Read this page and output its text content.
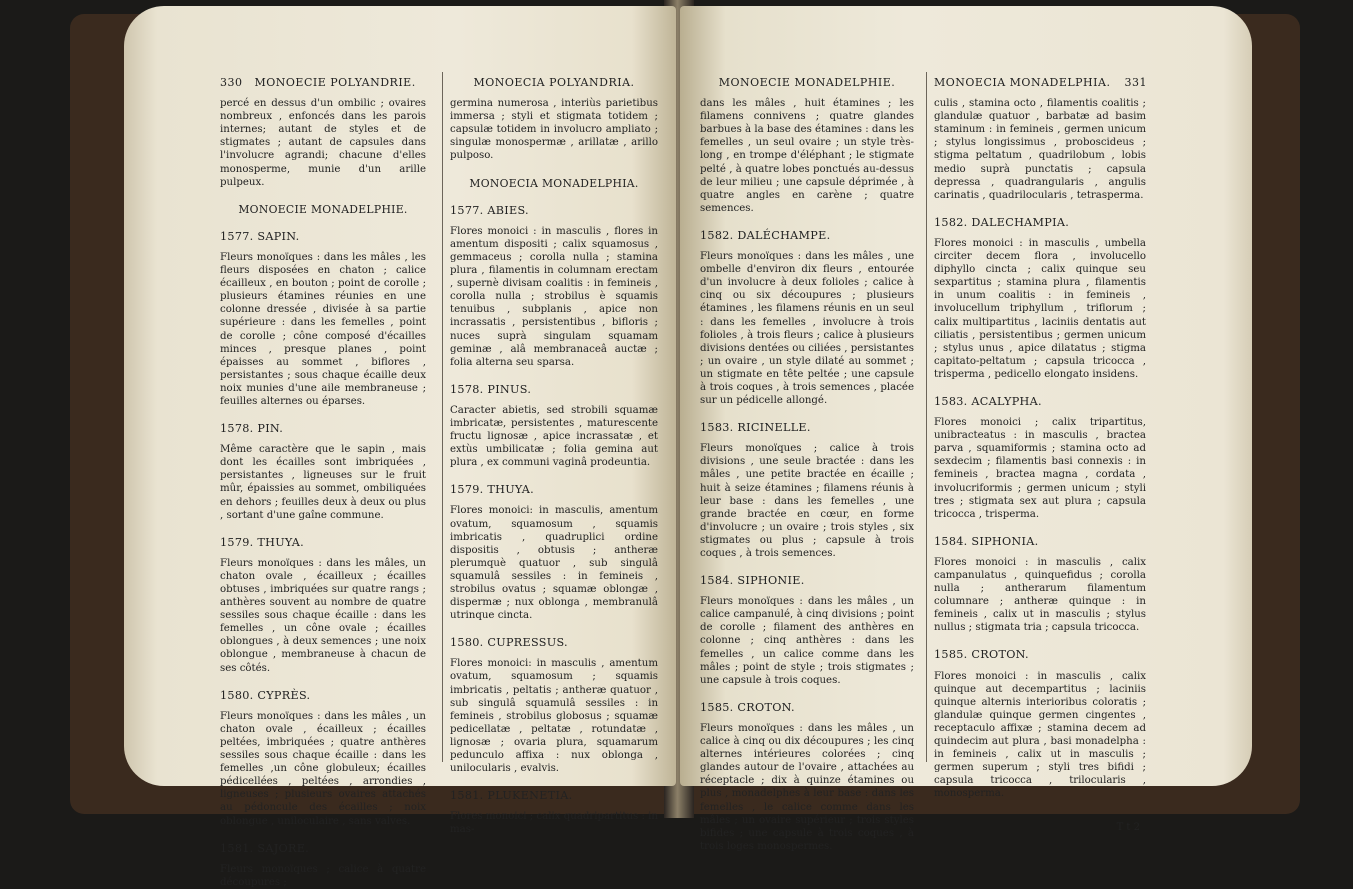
330 MONOECIE POLYANDRIE.

percé en dessus d'un ombilic ; ovaires nombreux , enfoncés dans les parois internes; autant de styles et de stigmates ; autant de capsules dans l'involucre agrandi; chacune d'elles monosperme, munie d'un arille pulpeux.

MONOECIE MONADELPHIE.
1577. SAPIN.

Fleurs monoïques : dans les mâles , les fleurs disposées en chaton ; calice écailleux , en bouton ; point de corolle ; plusieurs étamines réunies en une colonne dressée , divisée à sa partie supérieure : dans les femelles , point de corolle ; cône composé d'écailles minces , presque planes , point épaisses au sommet , biflores , persistantes ; sous chaque écaille deux noix munies d'une aile membraneuse ; feuilles alternes ou éparses.

1578. PIN.

Même caractère que le sapin , mais dont les écailles sont imbriquées , persistantes , ligneuses sur le fruit mûr, épaissies au sommet, ombiliquées en dehors ; feuilles deux à deux ou plus , sortant d'une gaîne commune.

1579. THUYA.

Fleurs monoïques : dans les mâles, un chaton ovale , écailleux ; écailles obtuses , imbriquées sur quatre rangs ; anthères souvent au nombre de quatre sessiles sous chaque écaille : dans les femelles , un cône ovale ; écailles oblongues , à deux semences ; une noix oblongue , membraneuse à chacun de ses côtés.

1580. CYPRÈS.

Fleurs monoïques : dans les mâles , un chaton ovale , écailleux ; écailles peltées, imbriquées ; quatre anthères sessiles sous chaque écaille : dans les femelles ,un cône globuleux; écailles pédicellées , peltées , arrondies , ligneuses ; plusieurs ovaires attachés au pédoncule des écailles ; noix oblongue , uniloculaire , sans valves.

1581. SAJORE.

Fleurs monoïques ; calice à quatre découpures ;

MONOECIA POLYANDRIA.

germina numerosa , interiùs parietibus immersa ; styli et stigmata totidem ; capsulæ totidem in involucro ampliato ; singulæ monospermæ , arillatæ , arillo pulposo.

MONOECIA MONADELPHIA.
1577. ABIES.

Flores monoici : in masculis , flores in amentum dispositi ; calix squamosus , gemmaceus ; corolla nulla ; stamina plura , filamentis in columnam erectam , supernè divisam coalitis : in femineis , corolla nulla ; strobilus è squamis tenuibus , subplanis , apice non incrassatis , persistentibus , bifloris ; nuces suprà singulam squamam geminæ , alâ membranaceâ auctæ ; folia alterna seu sparsa.

1578. PINUS.

Caracter abietis, sed strobili squamæ imbricatæ, persistentes , maturescente fructu lignosæ , apice incrassatæ , et extùs umbilicatæ ; folia gemina aut plura , ex communi vaginâ prodeuntia.

1579. THUYA.

Flores monoici: in masculis, amentum ovatum, squamosum , squamis imbricatis , quadruplici ordine dispositis , obtusis ; antheræ plerumquè quatuor , sub singulâ squamulâ sessiles : in femineis , strobilus ovatus ; squamæ oblongæ , dispermæ ; nux oblonga , membranulâ utrinque cincta.

1580. CUPRESSUS.

Flores monoici: in masculis , amentum ovatum, squamosum ; squamis imbricatis , peltatis ; antheræ quatuor , sub singulâ squamulâ sessiles : in femineis , strobilus globosus ; squamæ pedicellatæ , peltatæ , rotundatæ , lignosæ ; ovaria plura, squamarum pedunculo affixa : nux oblonga , unilocularis , evalvis.

1581. PLUKENETIA.

Flores monoici ; calix quadripartitus : in mas-

MONOECIE MONADELPHIE.

dans les mâles , huit étamines ; les filamens connivens ; quatre glandes barbues à la base des étamines : dans les femelles , un seul ovaire ; un style très-long , en trompe d'éléphant ; le stigmate pelté , à quatre lobes ponctués au-dessus de leur milieu ; une capsule déprimée , à quatre angles en carène ; quatre semences.

1582. DALÉCHAMPE.

Fleurs monoïques : dans les mâles , une ombelle d'environ dix fleurs , entourée d'un involucre à deux folioles ; calice à cinq ou six découpures ; plusieurs étamines , les filamens réunis en un seul : dans les femelles , involucre à trois folioles , à trois fleurs ; calice à plusieurs divisions dentées ou ciliées , persistantes ; un ovaire , un style dilaté au sommet ; un stigmate en tête peltée ; une capsule à trois coques , à trois semences , placée sur un pédicelle allongé.

1583. RICINELLE.

Fleurs monoïques ; calice à trois divisions , une seule bractée : dans les mâles , une petite bractée en écaille ; huit à seize étamines ; filamens réunis à leur base : dans les femelles , une grande bractée en cœur, en forme d'involucre ; un ovaire ; trois styles , six stigmates ou plus ; capsule à trois coques , à trois semences.

1584. SIPHONIE.

Fleurs monoïques : dans les mâles , un calice campanulé, à cinq divisions ; point de corolle ; filament des anthères en colonne ; cinq anthères : dans les femelles , un calice comme dans les mâles ; point de style ; trois stigmates ; une capsule à trois coques.

1585. CROTON.

Fleurs monoïques : dans les mâles , un calice à cinq ou dix découpures ; les cinq alternes intérieures colorées ; cinq glandes autour de l'ovaire , attachées au réceptacle ; dix à quinze étamines ou plus , monadelphes à leur base : dans les femelles , le calice comme dans les mâles ; un ovaire supérieur ; trois styles bifides ; une capsule à trois coques , à trois loges monospermes.

MONOECIA MONADELPHIA. 331

culis , stamina octo , filamentis coalitis ; glandulæ quatuor , barbatæ ad basim staminum : in femineis , germen unicum ; stylus longissimus , proboscideus ; stigma peltatum , quadrilobum , lobis medio suprà punctatis ; capsula depressa , quadrangularis , angulis carinatis , quadrilocularis , tetrasperma.

1582. DALECHAMPIA.

Flores monoici : in masculis , umbella circiter decem flora , involucello diphyllo cincta ; calix quinque seu sexpartitus ; stamina plura , filamentis in unum coalitis : in femineis , involucellum triphyllum , triflorum ; calix multipartitus , laciniis dentatis aut ciliatis , persistentibus ; germen unicum ; stylus unus , apice dilatatus ; stigma capitato-peltatum ; capsula tricocca , trisperma , pedicello elongato insidens.

1583. ACALYPHA.

Flores monoici ; calix tripartitus, unibracteatus : in masculis , bractea parva , squamiformis ; stamina octo ad sexdecim ; filamentis basi connexis : in femineis , bractea magna , cordata , involucriformis ; germen unicum ; styli tres ; stigmata sex aut plura ; capsula tricocca , trisperma.

1584. SIPHONIA.

Flores monoici : in masculis , calix campanulatus , quinquefidus ; corolla nulla ; antherarum filamentum columnare ; antheræ quinque : in femineis , calix ut in masculis ; stylus nullus ; stigmata tria ; capsula tricocca.

1585. CROTON.

Flores monoici : in masculis , calix quinque aut decempartitus ; laciniis quinque alternis interioribus coloratis ; glandulæ quinque germen cingentes , receptaculo affixæ ; stamina decem ad quindecim aut plura , basi monadelpha : in femineis , calix ut in masculis ; germen superum ; styli tres bifidi ; capsula tricocca , trilocularis , monosperma.

T t 2
